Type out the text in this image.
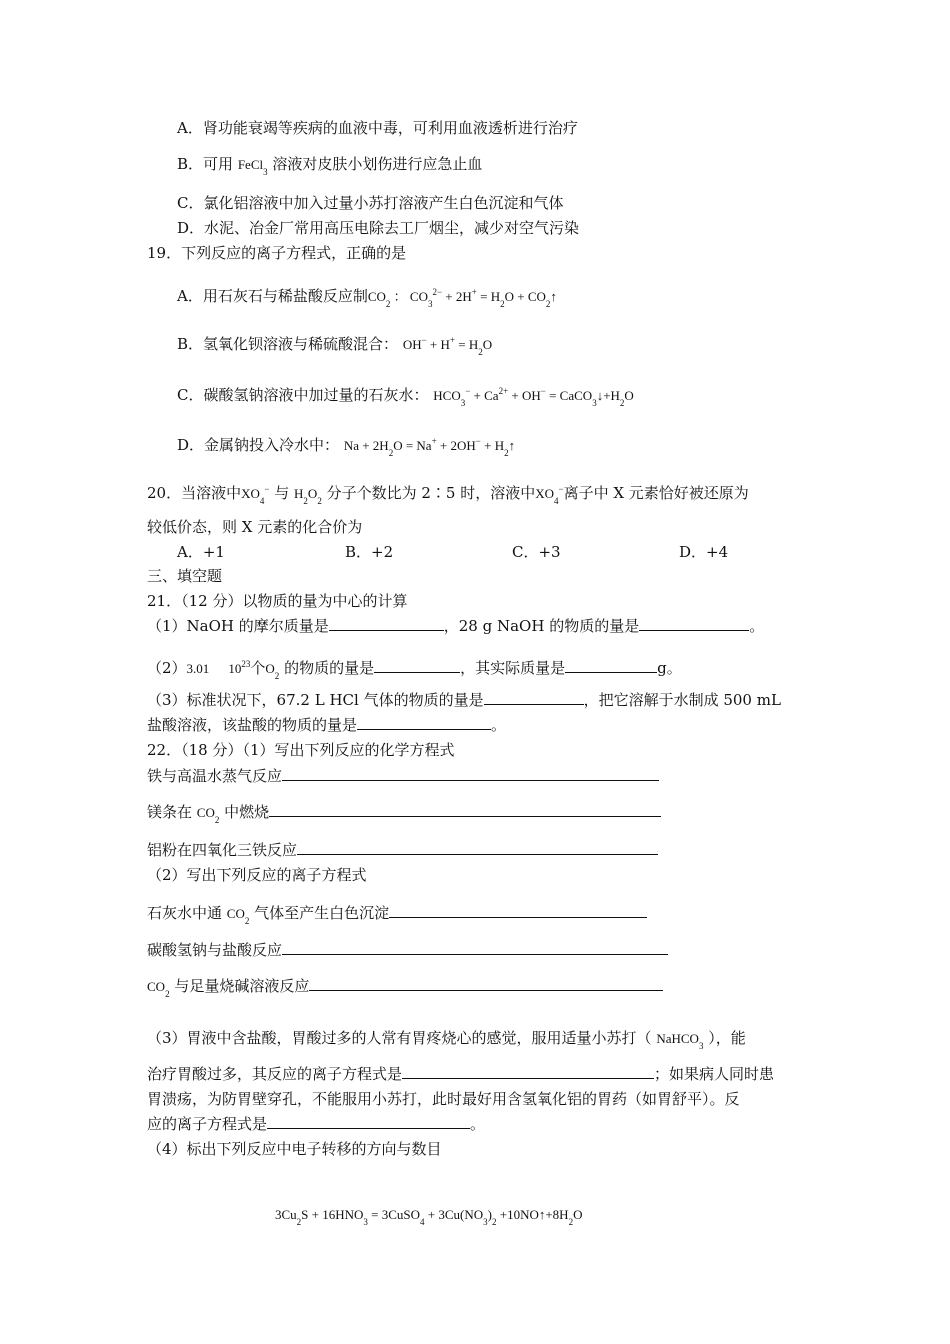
A．肾功能衰竭等疾病的血液中毒，可利用血液透析进行治疗
B．可用 FeCl$_3$ 溶液对皮肤小划伤进行应急止血
C．氯化铝溶液中加入过量小苏打溶液产生白色沉淀和气体
D．水泥、冶金厂常用高压电除去工厂烟尘，减少对空气污染
19．下列反应的离子方程式，正确的是
A．用石灰石与稀盐酸反应制$CO_2$ ： $CO_3^{2-} + 2H^+ = H_2O$ + $CO_2↑$
B．氢氧化钡溶液与稀硫酸混合： $OH^- + H^+ = H_2O$
C．碳酸氢钠溶液中加过量的石灰水： $HCO_3^- + Ca^{2+} + OH^-$ = $CaCO_3↓+H_2O$
D．金属钠投入冷水中： $Na + 2H_2O = Na^+ + 2OH^-$ + $H_2↑$
20．当溶液中$XO_4^-$ 与 $H_2O_2$ 分子个数比为 2∶5 时，溶液中$XO_4^-$离子中 X 元素恰好被还原为
较低价态，则 X 元素的化合价为
A．+1	B．+2	C．+3	D．+4
三、填空题
21．（12 分）以物质的量为中心的计算
（1）NaOH 的摩尔质量是	，28 g NaOH 的物质的量是	。
（2）3.01 $10^{23}$个$O_2$ 的物质的量是	，其实际质量是	g。
（3）标准状况下，67.2 L HCl 气体的物质的量是	，把它溶解于水制成 500 mL
盐酸溶液，该盐酸的物质的量是	。
22．（18 分）（1）写出下列反应的化学方程式
铁与高温水蒸气反应
镁条在 $CO_2$ 中燃烧
铝粉在四氧化三铁反应
（2）写出下列反应的离子方程式
石灰水中通 $CO_2$ 气体至产生白色沉淀
碳酸氢钠与盐酸反应
$CO_2$ 与足量烧碱溶液反应
（3）胃液中含盐酸，胃酸过多的人常有胃疼烧心的感觉，服用适量小苏打（ NaHCO$_3$ ），能
治疗胃酸过多，其反应的离子方程式是	；如果病人同时患
胃溃疡，为防胃壁穿孔，不能服用小苏打，此时最好用含氢氧化铝的胃药（如胃舒平）。反
应的离子方程式是	。
（4）标出下列反应中电子转移的方向与数目
$3Cu_2S + 16HNO_3$ = 3CuSO$_4$ + $3Cu(NO_3)_2$ $+10NO↑+8H_2O$
